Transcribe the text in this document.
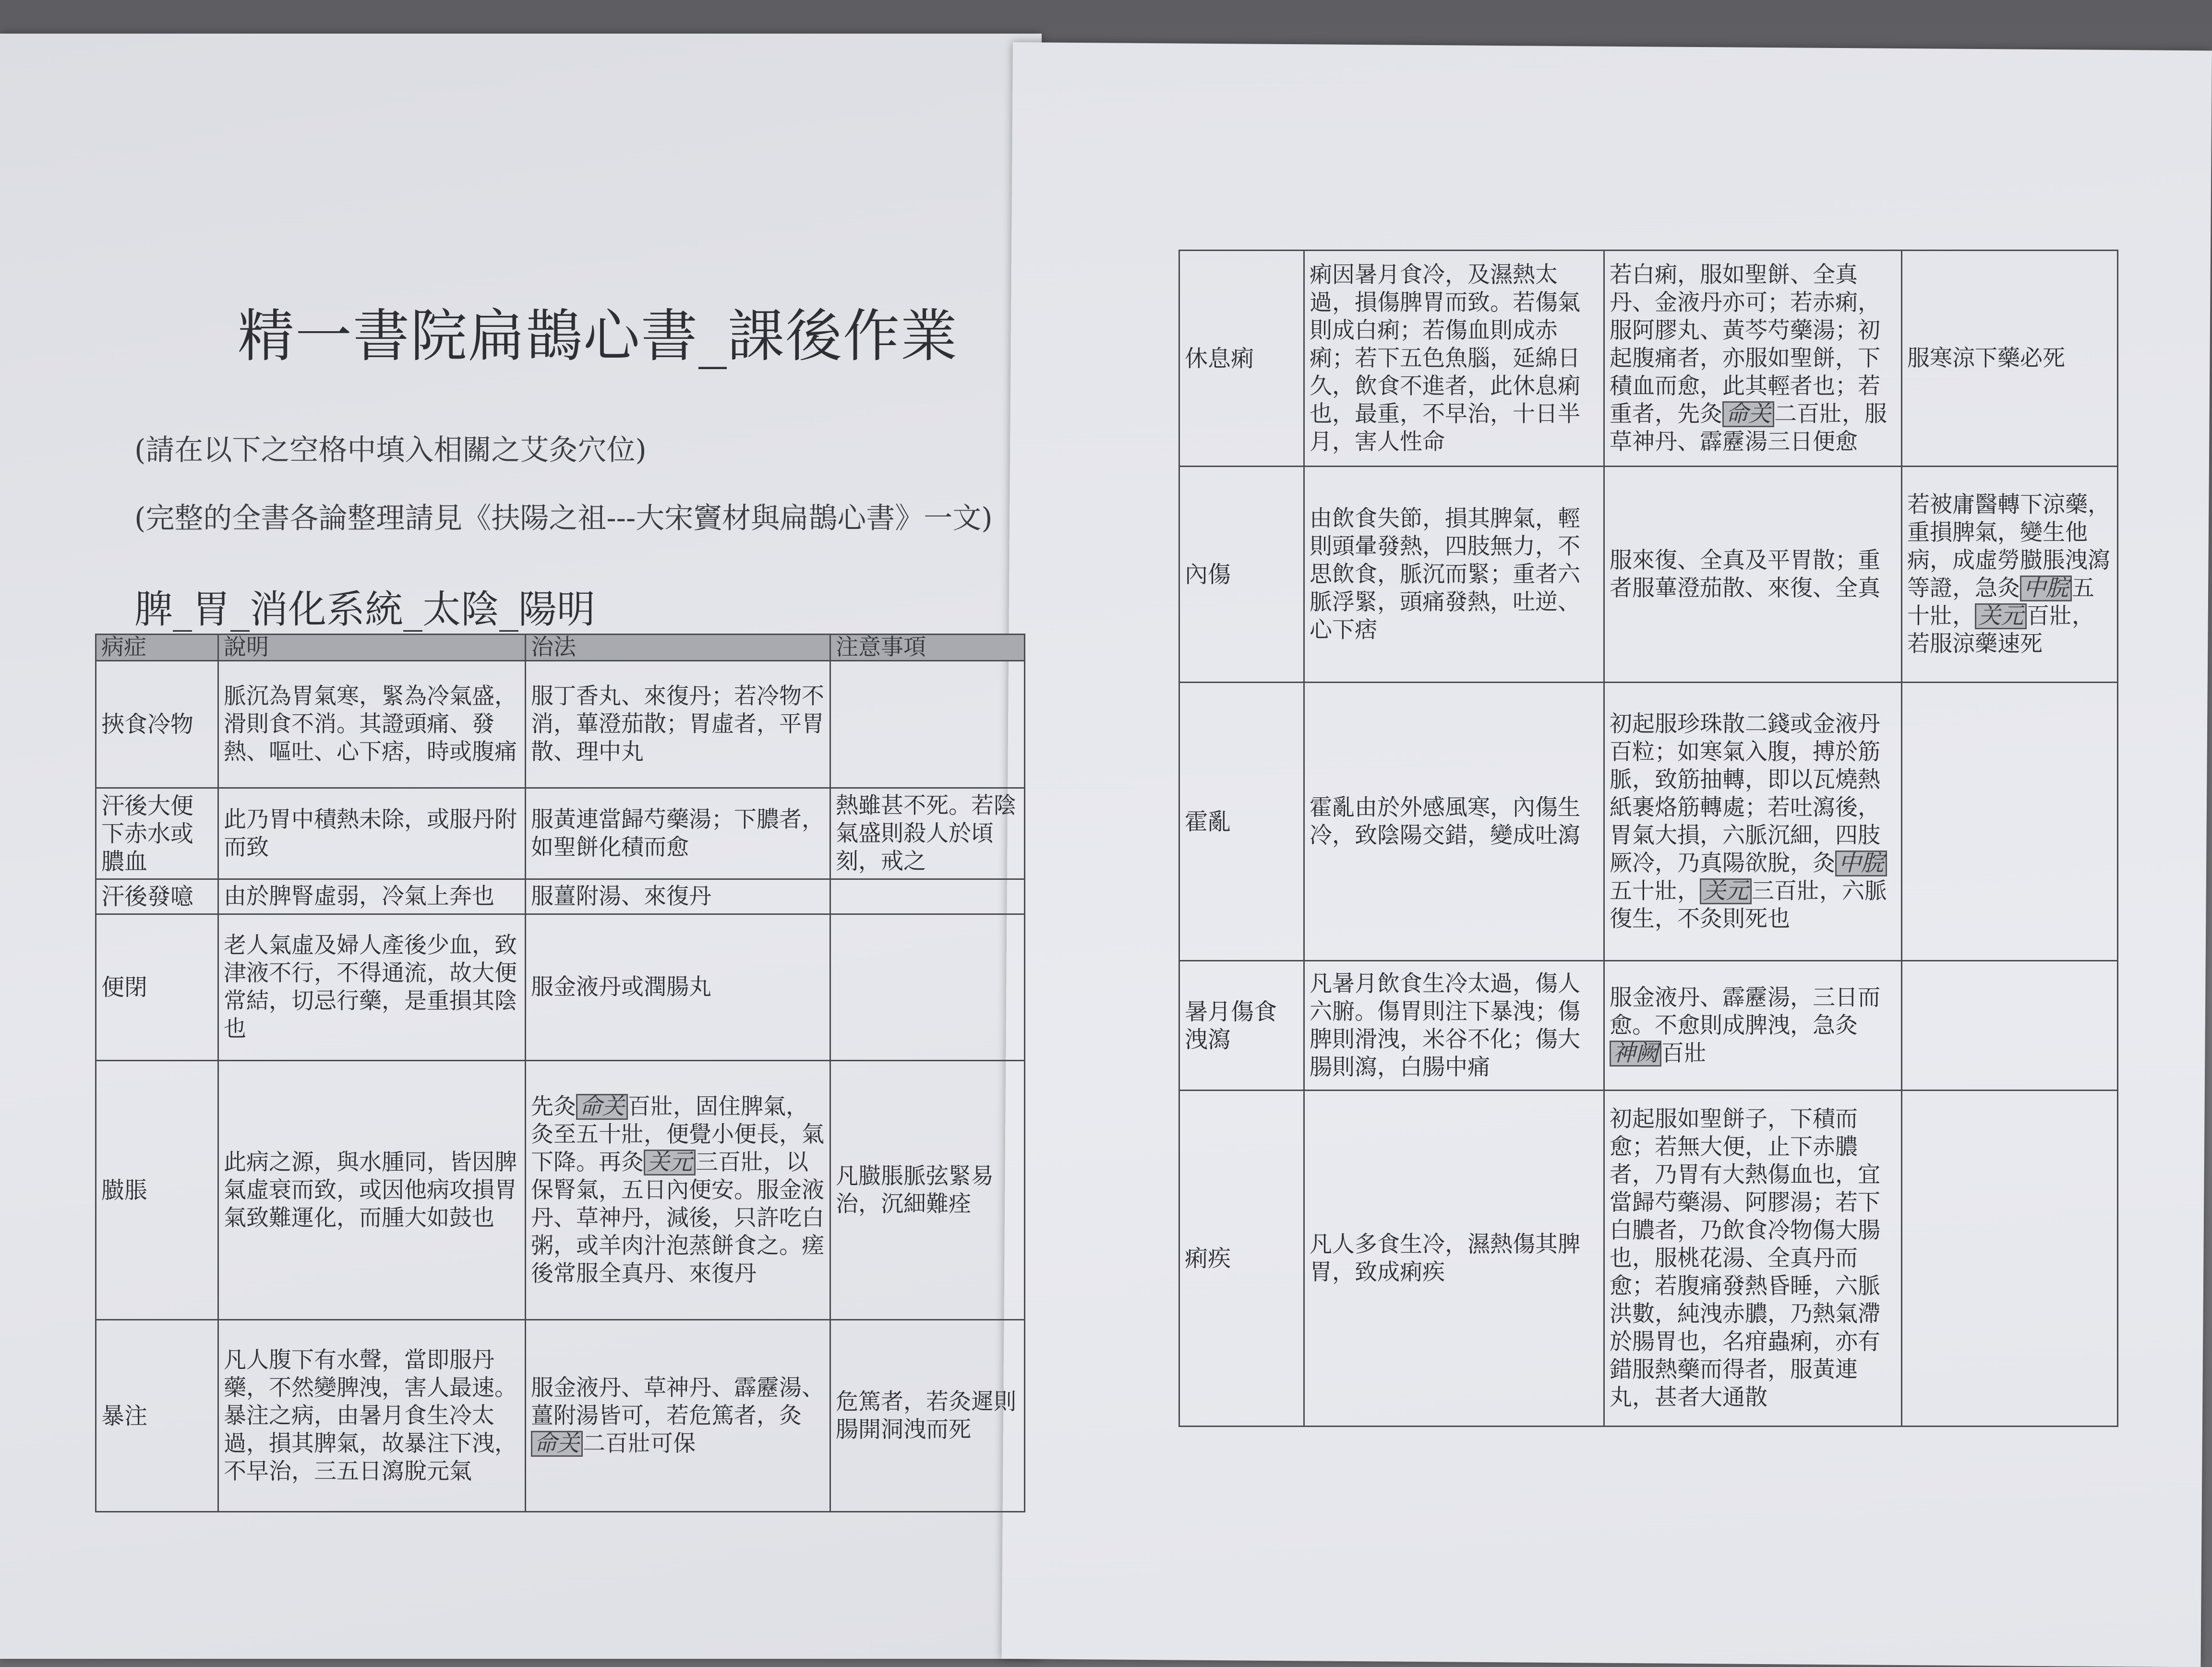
精一書院扁鵲心書_課後作業
(請在以下之空格中填入相關之艾灸穴位)
(完整的全書各論整理請見《扶陽之祖---大宋竇材與扁鵲心書》一文)
脾_胃_消化系統_太陰_陽明
病症	說明	治法	注意事項
挾食冷物	脈沉為胃氣寒，緊為冷氣盛，滑則食不消。其證頭痛、發熱、嘔吐、心下痞，時或腹痛	服丁香丸、來復丹；若冷物不消，蓽澄茄散；胃虛者，平胃散、理中丸	
汗後大便下赤水或膿血	此乃胃中積熱未除，或服丹附而致	服黃連當歸芍藥湯；下膿者，如聖餅化積而愈	熱雖甚不死。若陰氣盛則殺人於頃刻，戒之
汗後發噫	由於脾腎虛弱，冷氣上奔也	服薑附湯、來復丹	
便閉	老人氣虛及婦人產後少血，致津液不行，不得通流，故大便常結，切忌行藥，是重損其陰也	服金液丹或潤腸丸	
臌脹	此病之源，與水腫同，皆因脾氣虛衰而致，或因他病攻損胃氣致難運化，而腫大如鼓也	先灸 命关 百壯，固住脾氣，灸至五十壯，便覺小便長，氣下降。再灸 关元 三百壯，以保腎氣，五日內便安。服金液丹、草神丹，減後，只許吃白粥，或羊肉汁泡蒸餅食之。瘥後常服全真丹、來復丹	凡臌脹脈弦緊易治，沉細難痊
暴注	凡人腹下有水聲，當即服丹藥，不然變脾洩，害人最速。暴注之病，由暑月食生冷太過，損其脾氣，故暴注下洩，不早治，三五日瀉脫元氣	服金液丹、草神丹、霹靂湯、薑附湯皆可，若危篤者，灸命关 二百壯可保	危篤者，若灸遲則腸開洞洩而死
休息痢	痢因暑月食冷，及濕熱太過，損傷脾胃而致。若傷氣則成白痢；若傷血則成赤痢；若下五色魚腦，延綿日久，飲食不進者，此休息痢也，最重，不早治，十日半月，害人性命	若白痢，服如聖餅、全真丹、金液丹亦可；若赤痢，服阿膠丸、黃芩芍藥湯；初起腹痛者，亦服如聖餅，下積血而愈，此其輕者也；若重者，先灸 命关 二百壯，服草神丹、霹靂湯三日便愈	服寒涼下藥必死
內傷	由飲食失節，損其脾氣，輕則頭暈發熱，四肢無力，不思飲食，脈沉而緊；重者六脈浮緊，頭痛發熱，吐逆、心下痞	服來復、全真及平胃散；重者服蓽澄茄散、來復、全真	若被庸醫轉下涼藥，重損脾氣，變生他病，成虛勞臌脹洩瀉等證，急灸 中脘 五十壯， 关元 百壯，若服涼藥速死
霍亂	霍亂由於外感風寒，內傷生冷，致陰陽交錯，變成吐瀉	初起服珍珠散二錢或金液丹百粒；如寒氣入腹，搏於筋脈，致筋抽轉，即以瓦燒熱紙裹烙筋轉處；若吐瀉後，胃氣大損，六脈沉細，四肢厥冷，乃真陽欲脫，灸 中脘五十壯， 关元 三百壯，六脈復生，不灸則死也	
暑月傷食洩瀉	凡暑月飲食生冷太過，傷人六腑。傷胃則注下暴洩；傷脾則滑洩，米谷不化；傷大腸則瀉，白腸中痛	服金液丹、霹靂湯，三日而愈。不愈則成脾洩，急灸神阙 百壯	
痢疾	凡人多食生冷，濕熱傷其脾胃，致成痢疾	初起服如聖餅子，下積而愈；若無大便，止下赤膿者，乃胃有大熱傷血也，宜當歸芍藥湯、阿膠湯；若下白膿者，乃飲食冷物傷大腸也，服桃花湯、全真丹而愈；若腹痛發熱昏睡，六脈洪數，純洩赤膿，乃熱氣滯於腸胃也，名疳蟲痢，亦有錯服熱藥而得者，服黃連丸，甚者大通散	
